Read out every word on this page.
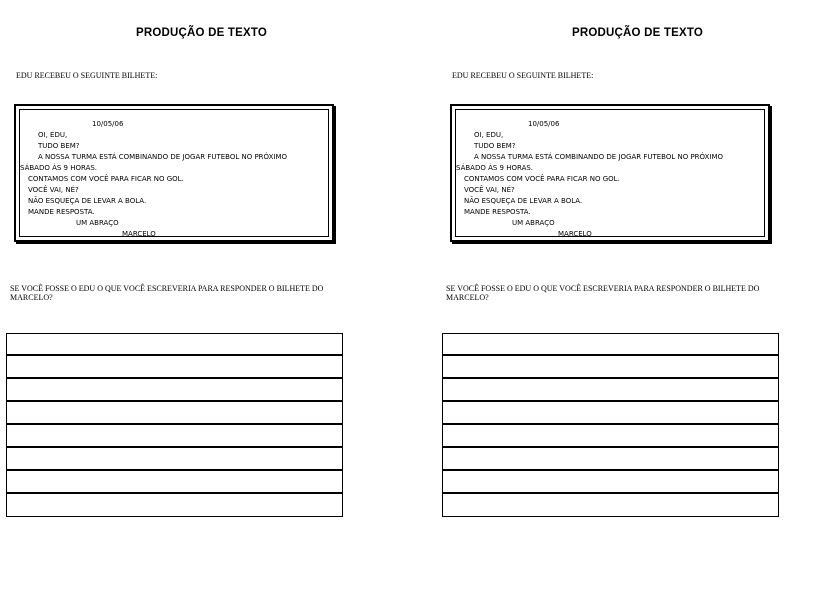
PRODUÇÃO DE TEXTO
EDU RECEBEU O SEGUINTE BILHETE:
10/05/06
OI, EDU,
TUDO BEM?
A NOSSA TURMA ESTÁ COMBINANDO DE JOGAR FUTEBOL NO PRÓXIMO
SÁBADO ÀS 9 HORAS.
CONTAMOS COM VOCÊ PARA FICAR NO GOL.
VOCÊ VAI, NÉ?
NÃO ESQUEÇA DE LEVAR A BOLA.
MANDE RESPOSTA.
UM ABRAÇO
MARCELO
SE VOCÊ FOSSE O EDU O QUE VOCÊ ESCREVERIA PARA RESPONDER O BILHETE DO MARCELO?
PRODUÇÃO DE TEXTO
EDU RECEBEU O SEGUINTE BILHETE:
10/05/06
OI, EDU,
TUDO BEM?
A NOSSA TURMA ESTÁ COMBINANDO DE JOGAR FUTEBOL NO PRÓXIMO
SÁBADO ÀS 9 HORAS.
CONTAMOS COM VOCÊ PARA FICAR NO GOL.
VOCÊ VAI, NÉ?
NÃO ESQUEÇA DE LEVAR A BOLA.
MANDE RESPOSTA.
UM ABRAÇO
MARCELO
SE VOCÊ FOSSE O EDU O QUE VOCÊ ESCREVERIA PARA RESPONDER O BILHETE DO MARCELO?
